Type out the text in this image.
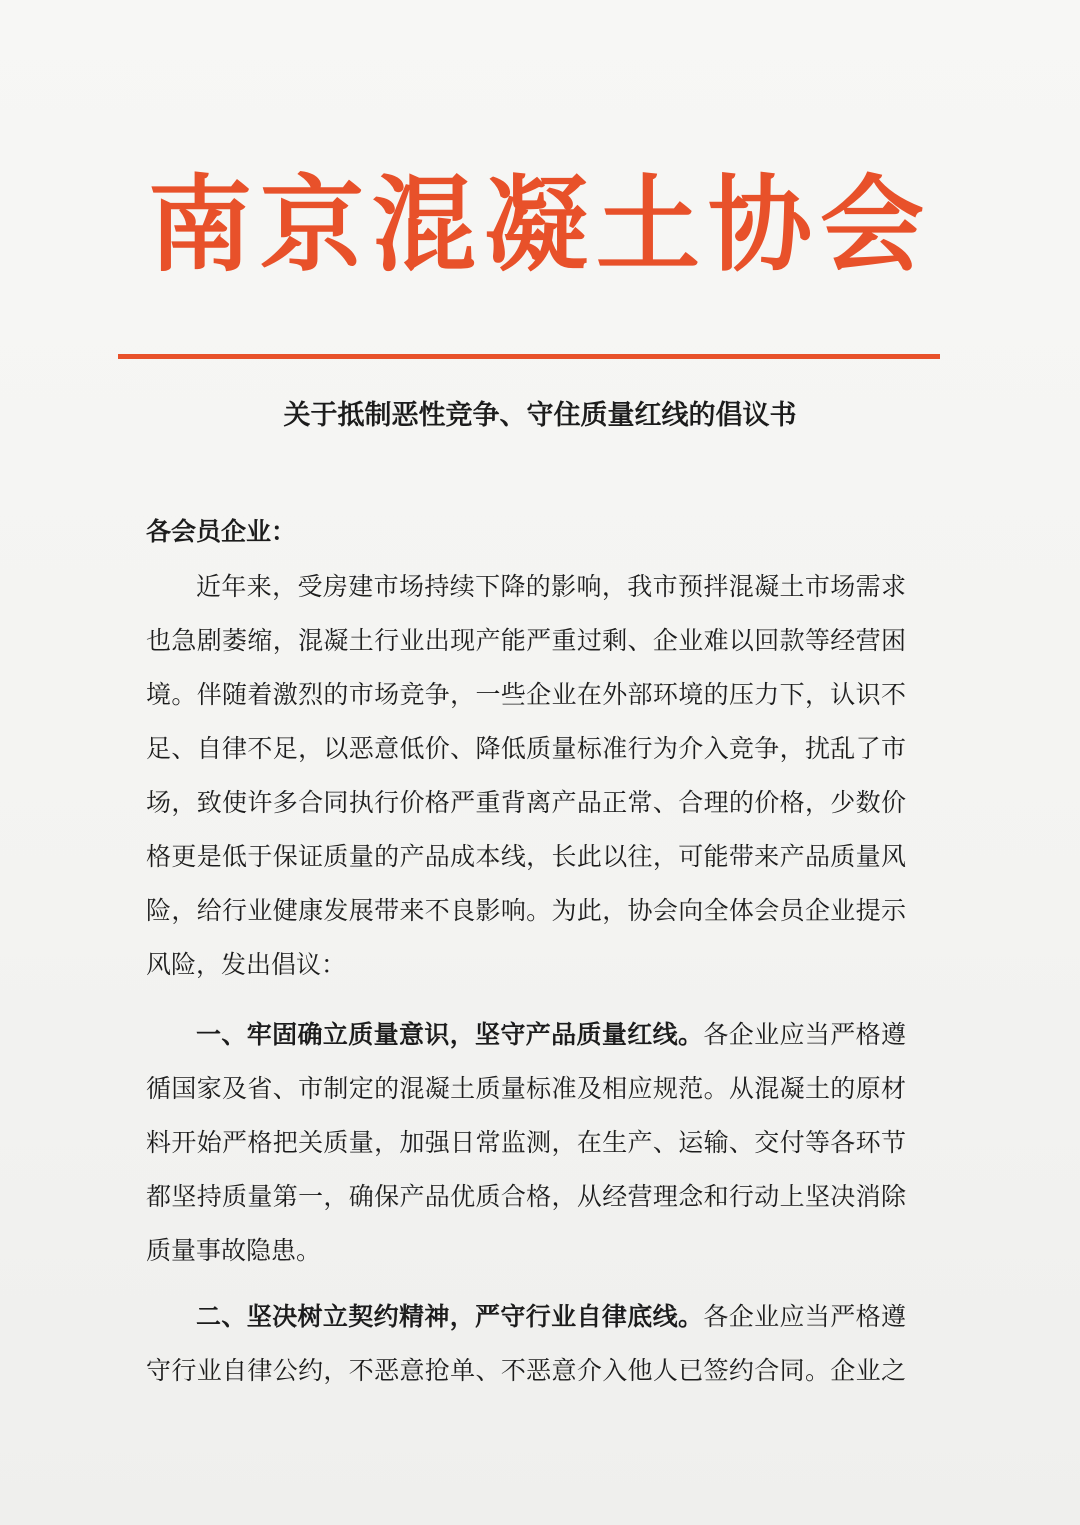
南京混凝土协会
关于抵制恶性竞争、守住质量红线的倡议书
各会员企业：
近年来，受房建市场持续下降的影响，我市预拌混凝土市场需求
也急剧萎缩，混凝土行业出现产能严重过剩、企业难以回款等经营困
境。伴随着激烈的市场竞争，一些企业在外部环境的压力下，认识不
足、自律不足，以恶意低价、降低质量标准行为介入竞争，扰乱了市
场，致使许多合同执行价格严重背离产品正常、合理的价格，少数价
格更是低于保证质量的产品成本线，长此以往，可能带来产品质量风
险，给行业健康发展带来不良影响。为此，协会向全体会员企业提示
风险，发出倡议：
一、牢固确立质量意识，坚守产品质量红线。各企业应当严格遵
循国家及省、市制定的混凝土质量标准及相应规范。从混凝土的原材
料开始严格把关质量，加强日常监测，在生产、运输、交付等各环节
都坚持质量第一，确保产品优质合格，从经营理念和行动上坚决消除
质量事故隐患。
二、坚决树立契约精神，严守行业自律底线。各企业应当严格遵
守行业自律公约，不恶意抢单、不恶意介入他人已签约合同。企业之
